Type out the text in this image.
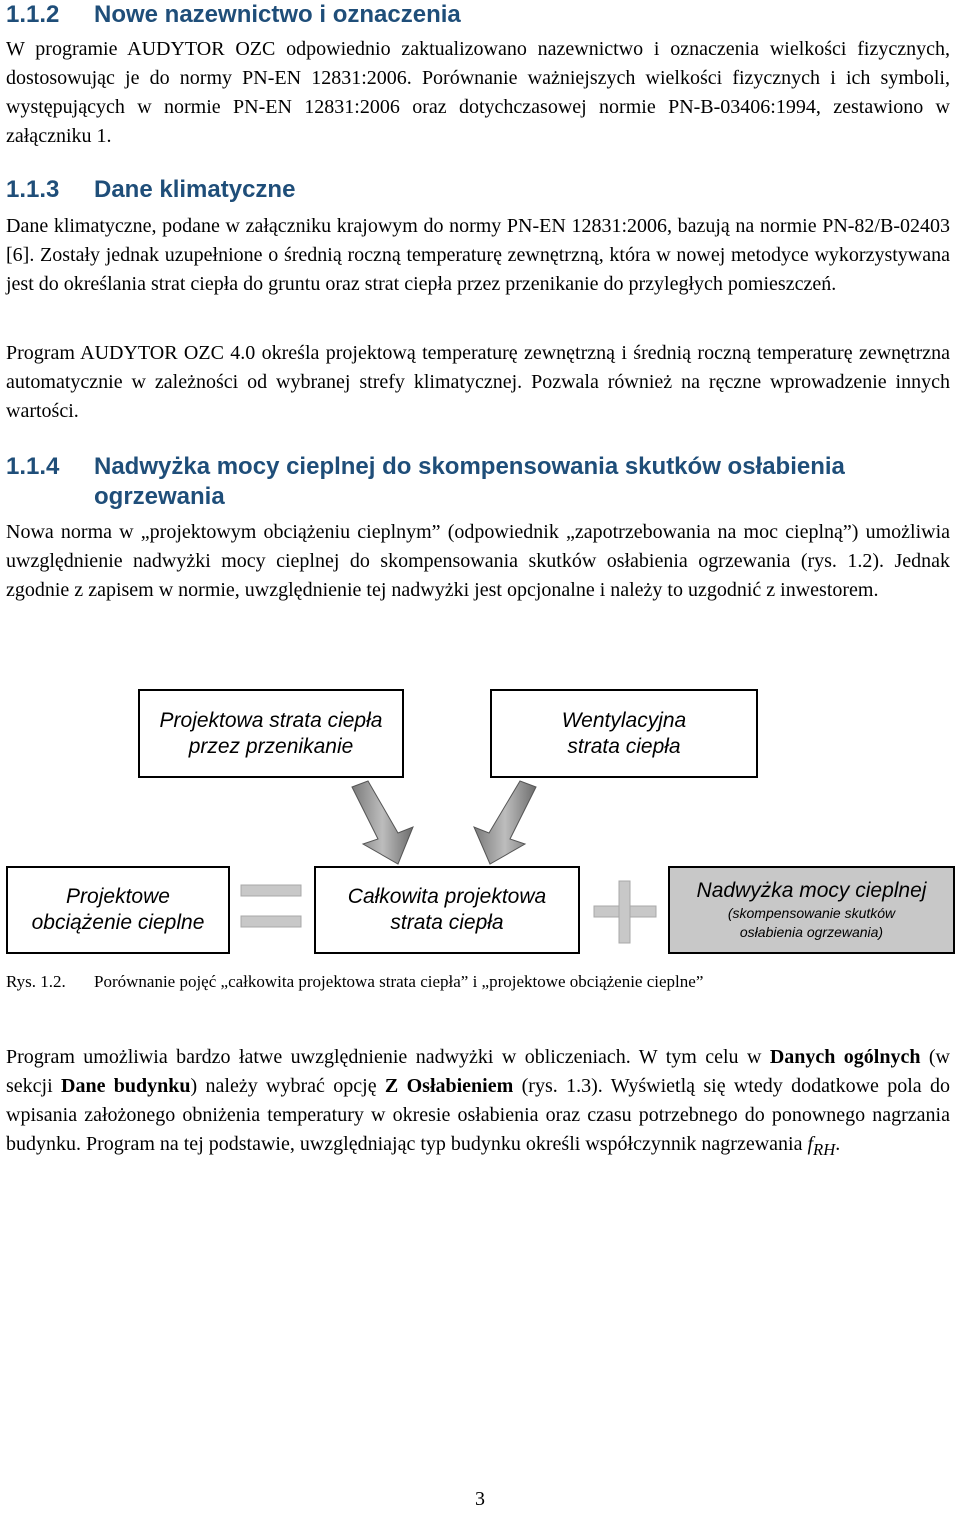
1.1.2 Nowe nazewnictwo i oznaczenia

W programie AUDYTOR OZC odpowiednio zaktualizowano nazewnictwo i oznaczenia wielkości fizycznych, dostosowując je do normy PN-EN 12831:2006. Porównanie ważniejszych wielkości fizycznych i ich symboli, występujących w normie PN-EN 12831:2006 oraz dotychczasowej normie PN-B-03406:1994, zestawiono w załączniku 1.

1.1.3 Dane klimatyczne

Dane klimatyczne, podane w załączniku krajowym do normy PN-EN 12831:2006, bazują na normie PN-82/B-02403 [6]. Zostały jednak uzupełnione o średnią roczną temperaturę zewnętrzną, która w nowej metodyce wykorzystywana jest do określania strat ciepła do gruntu oraz strat ciepła przez przenikanie do przyległych pomieszczeń.

Program AUDYTOR OZC 4.0 określa projektową temperaturę zewnętrzną i średnią roczną temperaturę zewnętrzna automatycznie w zależności od wybranej strefy klimatycznej. Pozwala również na ręczne wprowadzenie innych wartości.

1.1.4 Nadwyżka mocy cieplnej do skompensowania skutków osłabienia ogrzewania

Nowa norma w „projektowym obciążeniu cieplnym” (odpowiednik „zapotrzebowania na moc cieplną”) umożliwia uwzględnienie nadwyżki mocy cieplnej do skompensowania skutków osłabienia ogrzewania (rys. 1.2). Jednak zgodnie z zapisem w normie, uwzględnienie tej nadwyżki jest opcjonalne i należy to uzgodnić z inwestorem.

Projektowa strata ciepła przez przenikanie
Wentylacyjna strata ciepła
Projektowe obciążenie cieplne
Całkowita projektowa strata ciepła
Nadwyżka mocy cieplnej
(skompensowanie skutków osłabienia ogrzewania)

Rys. 1.2. Porównanie pojęć „całkowita projektowa strata ciepła” i „projektowe obciążenie cieplne”

Program umożliwia bardzo łatwe uwzględnienie nadwyżki w obliczeniach. W tym celu w Danych ogólnych (w sekcji Dane budynku) należy wybrać opcję Z Osłabieniem (rys. 1.3). Wyświetlą się wtedy dodatkowe pola do wpisania założonego obniżenia temperatury w okresie osłabienia oraz czasu potrzebnego do ponownego nagrzania budynku. Program na tej podstawie, uwzględniając typ budynku określi współczynnik nagrzewania $f_{RH}$.

3
